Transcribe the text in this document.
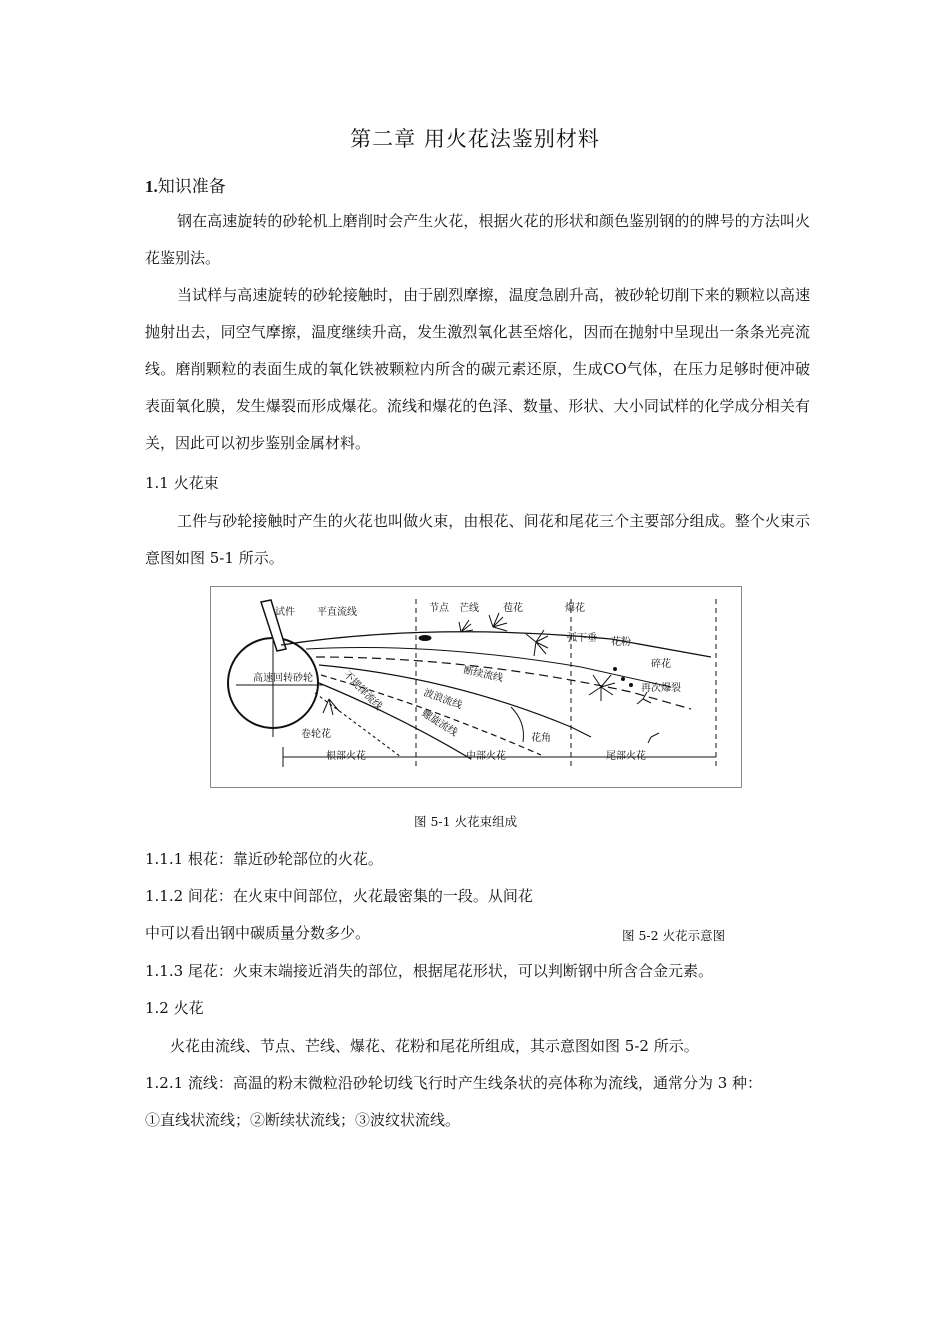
第二章 用火花法鉴别材料
1.知识准备

钢在高速旋转的砂轮机上磨削时会产生火花，根据火花的形状和颜色鉴别钢的的牌号的方法叫火花鉴别法。

当试样与高速旋转的砂轮接触时，由于剧烈摩擦，温度急剧升高，被砂轮切削下来的颗粒以高速抛射出去，同空气摩擦，温度继续升高，发生激烈氧化甚至熔化，因而在抛射中呈现出一条条光亮流线。磨削颗粒的表面生成的氧化铁被颗粒内所含的碳元素还原，生成CO气体，在压力足够时便冲破表面氧化膜，发生爆裂而形成爆花。流线和爆花的色泽、数量、形状、大小同试样的化学成分相关有关，因此可以初步鉴别金属材料。

1.1 火花束

工件与砂轮接触时产生的火花也叫做火束，由根花、间花和尾花三个主要部分组成。整个火束示意图如图 5-1 所示。

试件 平直流线	节点 芒线 苞花	爆花
弧下垂 花粉
碎花
再次爆裂
高速回转砂轮	断续流线
波浪流线
不规律流线
螺旋流线
卷轮花	花角
根部火花	中部火花	尾部火花
图 5-1 火花束组成
1.1.1 根花：靠近砂轮部位的火花。
1.1.2 间花：在火束中间部位，火花最密集的一段。从间花
中可以看出钢中碳质量分数多少。	图 5-2 火花示意图
1.1.3 尾花：火束末端接近消失的部位，根据尾花形状，可以判断钢中所含合金元素。
1.2 火花
火花由流线、节点、芒线、爆花、花粉和尾花所组成，其示意图如图 5-2 所示。
1.2.1 流线：高温的粉末微粒沿砂轮切线飞行时产生线条状的亮体称为流线，通常分为 3 种：
①直线状流线；②断续状流线；③波纹状流线。
